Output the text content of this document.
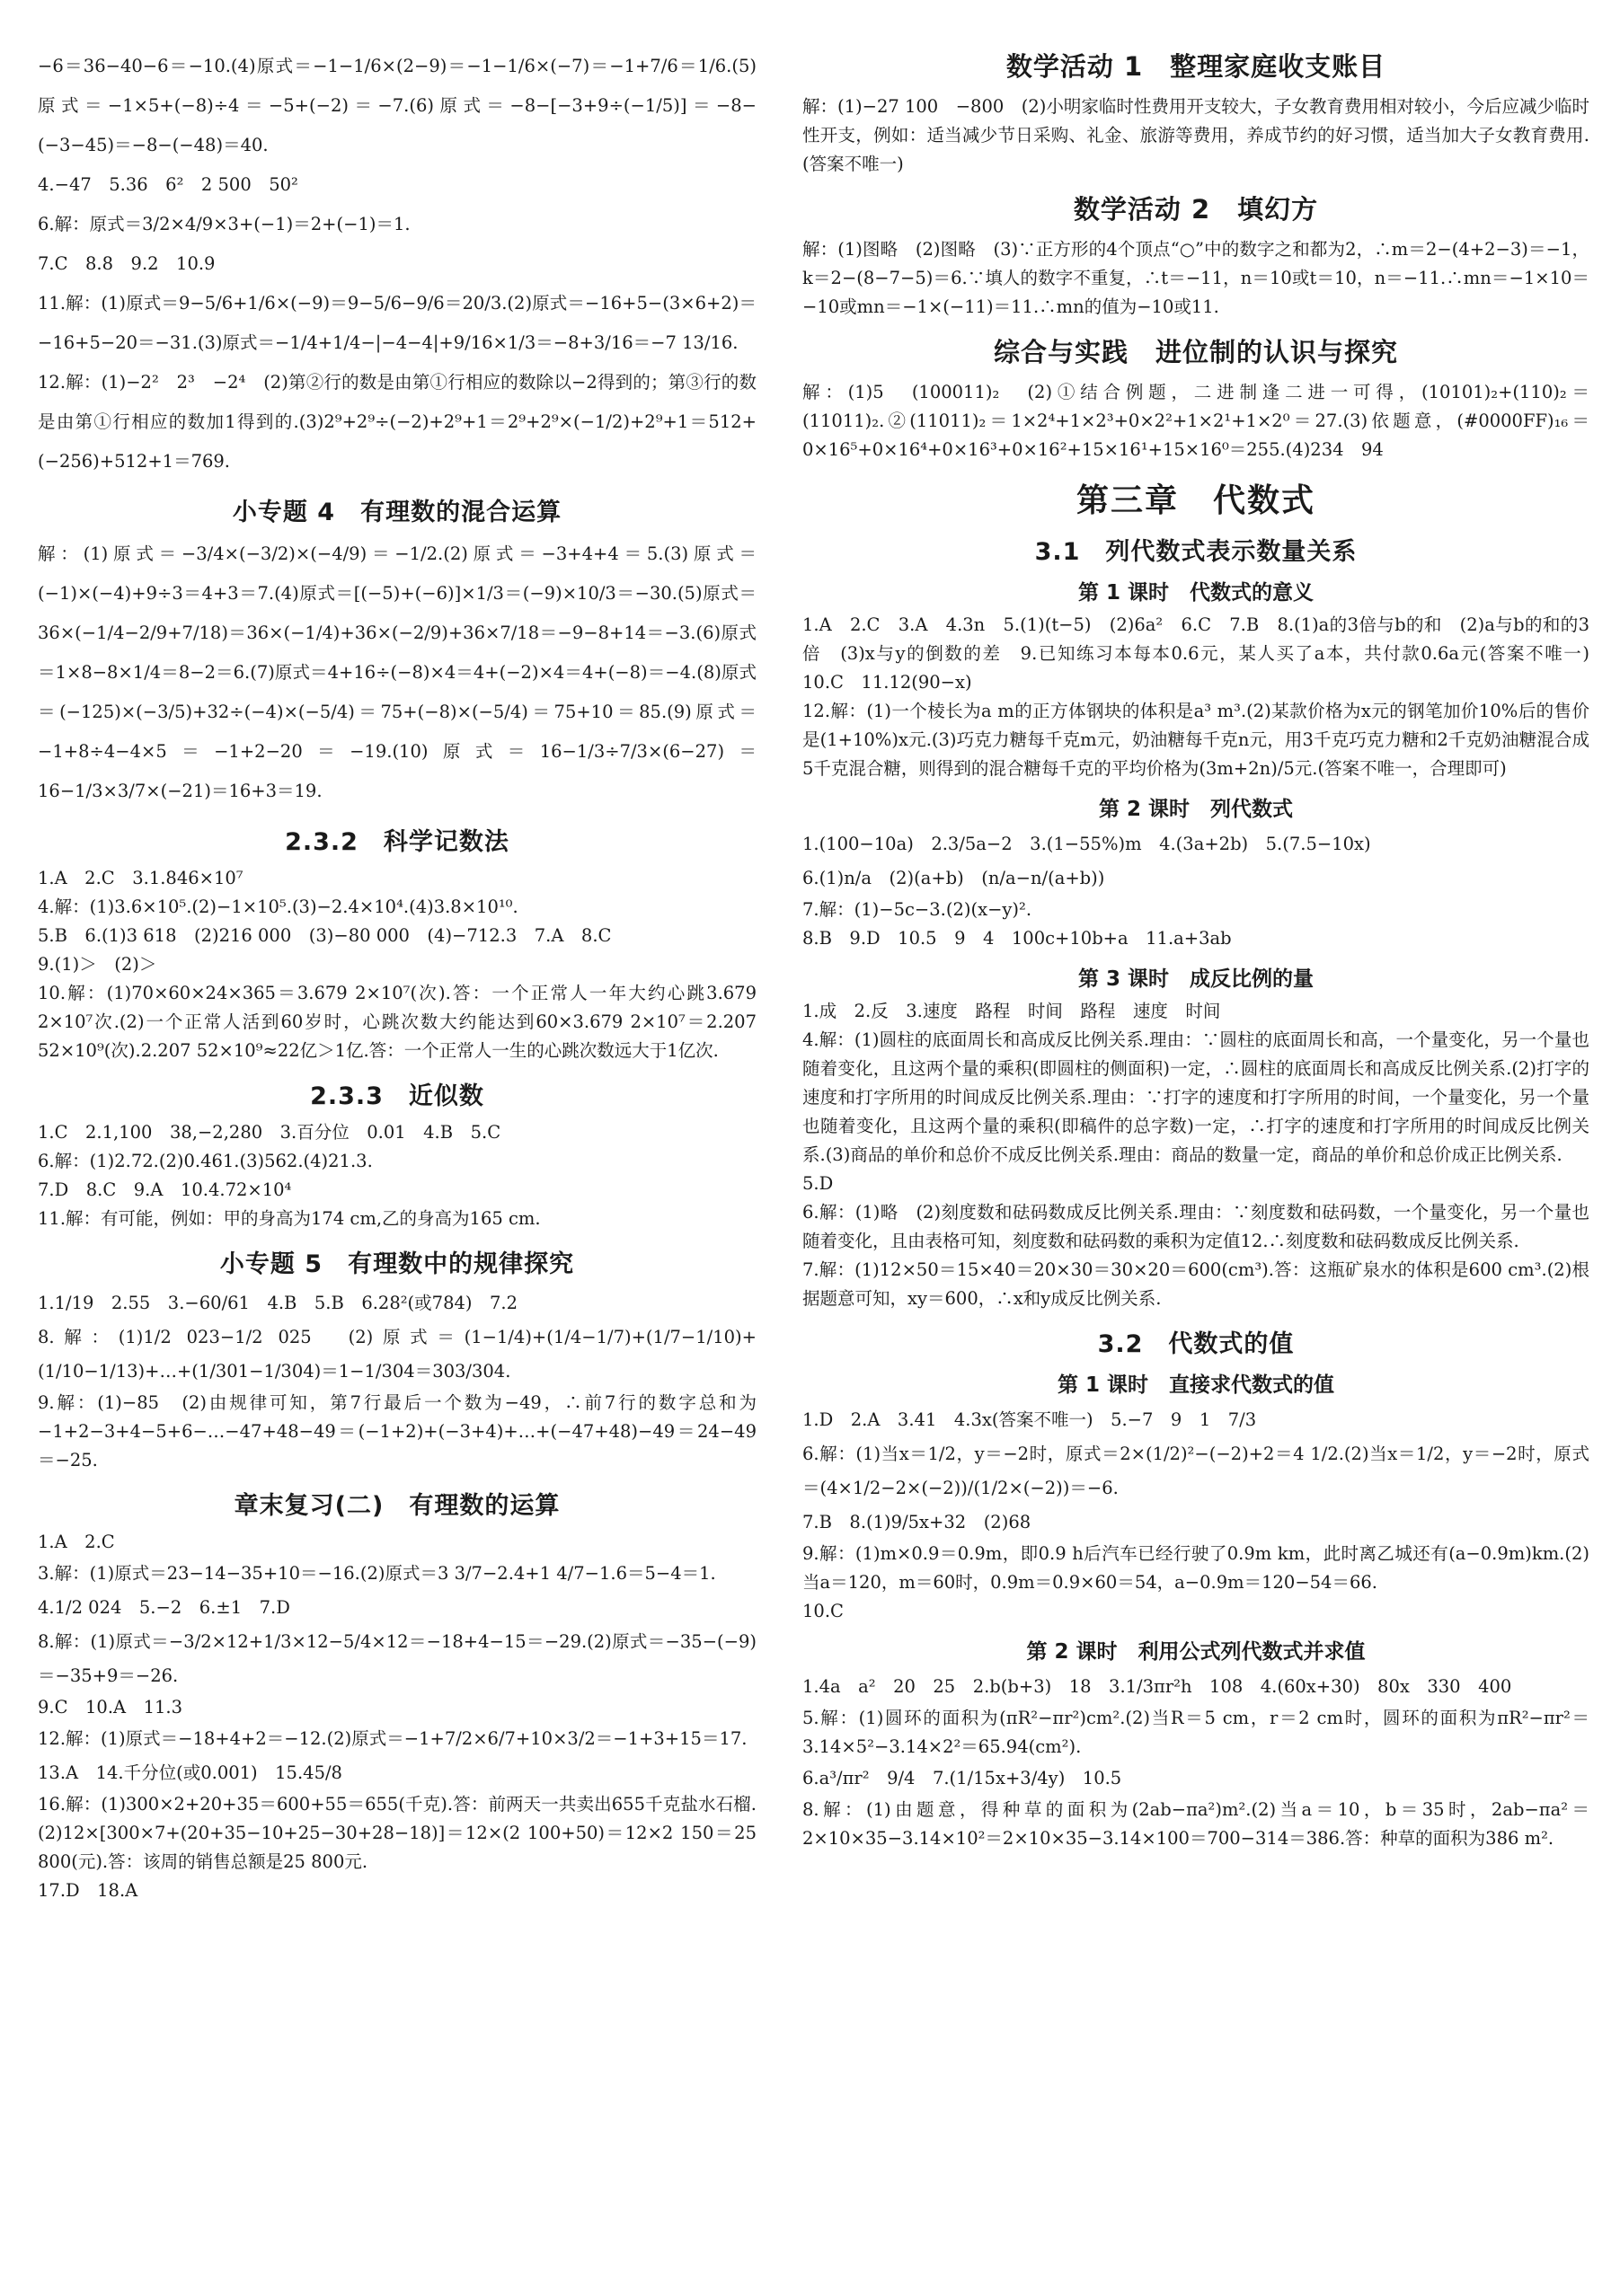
−6＝36−40−6＝−10.(4)原式＝−1−1/6×(2−9)＝−1−1/6×(−7)＝−1+7/6＝1/6.(5)原式＝−1×5+(−8)÷4＝−5+(−2)＝−7.(6)原式＝−8−[−3+9÷(−1/5)]＝−8−(−3−45)＝−8−(−48)＝40.

4.−47　5.36　6²　2 500　50²

6.解：原式＝3/2×4/9×3+(−1)＝2+(−1)＝1.

7.C　8.8　9.2　10.9

11.解：(1)原式＝9−5/6+1/6×(−9)＝9−5/6−9/6＝20/3.(2)原式＝−16+5−(3×6+2)＝−16+5−20＝−31.(3)原式＝−1/4+1/4−|−4−4|+9/16×1/3＝−8+3/16＝−7 13/16.

12.解：(1)−2²　2³　−2⁴　(2)第②行的数是由第①行相应的数除以−2得到的；第③行的数是由第①行相应的数加1得到的.(3)2⁹+2⁹÷(−2)+2⁹+1＝2⁹+2⁹×(−1/2)+2⁹+1＝512+(−256)+512+1＝769.

小专题 4　有理数的混合运算

解：(1)原式＝−3/4×(−3/2)×(−4/9)＝−1/2.(2)原式＝−3+4+4＝5.(3)原式＝(−1)×(−4)+9÷3＝4+3＝7.(4)原式＝[(−5)+(−6)]×1/3＝(−9)×10/3＝−30.(5)原式＝36×(−1/4−2/9+7/18)＝36×(−1/4)+36×(−2/9)+36×7/18＝−9−8+14＝−3.(6)原式＝1×8−8×1/4＝8−2＝6.(7)原式＝4+16÷(−8)×4＝4+(−2)×4＝4+(−8)＝−4.(8)原式＝(−125)×(−3/5)+32÷(−4)×(−5/4)＝75+(−8)×(−5/4)＝75+10＝85.(9)原式＝−1+8÷4−4×5＝−1+2−20＝−19.(10)原式＝16−1/3÷7/3×(6−27)＝16−1/3×3/7×(−21)＝16+3＝19.

2.3.2　科学记数法

1.A　2.C　3.1.846×10⁷

4.解：(1)3.6×10⁵.(2)−1×10⁵.(3)−2.4×10⁴.(4)3.8×10¹⁰.

5.B　6.(1)3 618　(2)216 000　(3)−80 000　(4)−712.3　7.A　8.C

9.(1)＞　(2)＞

10.解：(1)70×60×24×365＝3.679 2×10⁷(次).答：一个正常人一年大约心跳3.679 2×10⁷次.(2)一个正常人活到60岁时，心跳次数大约能达到60×3.679 2×10⁷＝2.207 52×10⁹(次).2.207 52×10⁹≈22亿＞1亿.答：一个正常人一生的心跳次数远大于1亿次.

2.3.3　近似数

1.C　2.1,100　38,−2,280　3.百分位　0.01　4.B　5.C

6.解：(1)2.72.(2)0.461.(3)562.(4)21.3.

7.D　8.C　9.A　10.4.72×10⁴

11.解：有可能，例如：甲的身高为174 cm,乙的身高为165 cm.

小专题 5　有理数中的规律探究

1.1/19　2.55　3.−60/61　4.B　5.B　6.28²(或784)　7.2

8.解：(1)1/2 023−1/2 025　(2)原式＝(1−1/4)+(1/4−1/7)+(1/7−1/10)+(1/10−1/13)+…+(1/301−1/304)＝1−1/304＝303/304.

9.解：(1)−85　(2)由规律可知，第7行最后一个数为−49，∴前7行的数字总和为−1+2−3+4−5+6−…−47+48−49＝(−1+2)+(−3+4)+…+(−47+48)−49＝24−49＝−25.

章末复习(二)　有理数的运算

1.A　2.C

3.解：(1)原式＝23−14−35+10＝−16.(2)原式＝3 3/7−2.4+1 4/7−1.6＝5−4＝1.

4.1/2 024　5.−2　6.±1　7.D

8.解：(1)原式＝−3/2×12+1/3×12−5/4×12＝−18+4−15＝−29.(2)原式＝−35−(−9)＝−35+9＝−26.

9.C　10.A　11.3

12.解：(1)原式＝−18+4+2＝−12.(2)原式＝−1+7/2×6/7+10×3/2＝−1+3+15＝17.

13.A　14.千分位(或0.001)　15.45/8

16.解：(1)300×2+20+35＝600+55＝655(千克).答：前两天一共卖出655千克盐水石榴.(2)12×[300×7+(20+35−10+25−30+28−18)]＝12×(2 100+50)＝12×2 150＝25 800(元).答：该周的销售总额是25 800元.

17.D　18.A

数学活动 1　整理家庭收支账目

解：(1)−27 100　−800　(2)小明家临时性费用开支较大，子女教育费用相对较小，今后应减少临时性开支，例如：适当减少节日采购、礼金、旅游等费用，养成节约的好习惯，适当加大子女教育费用.(答案不唯一)

数学活动 2　填幻方

解：(1)图略　(2)图略　(3)∵正方形的4个顶点“○”中的数字之和都为2，∴m＝2−(4+2−3)＝−1，k＝2−(8−7−5)＝6.∵填人的数字不重复，∴t＝−11，n＝10或t＝10，n＝−11.∴mn＝−1×10＝−10或mn＝−1×(−11)＝11.∴mn的值为−10或11.

综合与实践　进位制的认识与探究

解：(1)5　(100011)₂　(2)①结合例题，二进制逢二进一可得，(10101)₂+(110)₂＝(11011)₂.②(11011)₂＝1×2⁴+1×2³+0×2²+1×2¹+1×2⁰＝27.(3)依题意，(#0000FF)₁₆＝0×16⁵+0×16⁴+0×16³+0×16²+15×16¹+15×16⁰＝255.(4)234　94

第三章　代数式
3.1　列代数式表示数量关系
第 1 课时　代数式的意义

1.A　2.C　3.A　4.3n　5.(1)(t−5)　(2)6a²　6.C　7.B　8.(1)a的3倍与b的和　(2)a与b的和的3倍　(3)x与y的倒数的差　9.已知练习本每本0.6元，某人买了a本，共付款0.6a元(答案不唯一)　10.C　11.12(90−x)

12.解：(1)一个棱长为a m的正方体钢块的体积是a³ m³.(2)某款价格为x元的钢笔加价10%后的售价是(1+10%)x元.(3)巧克力糖每千克m元，奶油糖每千克n元，用3千克巧克力糖和2千克奶油糖混合成5千克混合糖，则得到的混合糖每千克的平均价格为(3m+2n)/5元.(答案不唯一，合理即可)

第 2 课时　列代数式

1.(100−10a)　2.3/5a−2　3.(1−55%)m　4.(3a+2b)　5.(7.5−10x)

6.(1)n/a　(2)(a+b)　(n/a−n/(a+b))

7.解：(1)−5c−3.(2)(x−y)².

8.B　9.D　10.5　9　4　100c+10b+a　11.a+3ab

第 3 课时　成反比例的量

1.成　2.反　3.速度　路程　时间　路程　速度　时间

4.解：(1)圆柱的底面周长和高成反比例关系.理由：∵圆柱的底面周长和高，一个量变化，另一个量也随着变化，且这两个量的乘积(即圆柱的侧面积)一定，∴圆柱的底面周长和高成反比例关系.(2)打字的速度和打字所用的时间成反比例关系.理由：∵打字的速度和打字所用的时间，一个量变化，另一个量也随着变化，且这两个量的乘积(即稿件的总字数)一定，∴打字的速度和打字所用的时间成反比例关系.(3)商品的单价和总价不成反比例关系.理由：商品的数量一定，商品的单价和总价成正比例关系.

5.D

6.解：(1)略　(2)刻度数和砝码数成反比例关系.理由：∵刻度数和砝码数，一个量变化，另一个量也随着变化，且由表格可知，刻度数和砝码数的乘积为定值12.∴刻度数和砝码数成反比例关系.

7.解：(1)12×50＝15×40＝20×30＝30×20＝600(cm³).答：这瓶矿泉水的体积是600 cm³.(2)根据题意可知，xy＝600，∴x和y成反比例关系.

3.2　代数式的值
第 1 课时　直接求代数式的值

1.D　2.A　3.41　4.3x(答案不唯一)　5.−7　9　1　7/3

6.解：(1)当x＝1/2，y＝−2时，原式＝2×(1/2)²−(−2)+2＝4 1/2.(2)当x＝1/2，y＝−2时，原式＝(4×1/2−2×(−2))/(1/2×(−2))＝−6.

7.B　8.(1)9/5x+32　(2)68

9.解：(1)m×0.9＝0.9m，即0.9 h后汽车已经行驶了0.9m km，此时离乙城还有(a−0.9m)km.(2)当a＝120，m＝60时，0.9m＝0.9×60＝54，a−0.9m＝120−54＝66.

10.C

第 2 课时　利用公式列代数式并求值

1.4a　a²　20　25　2.b(b+3)　18　3.1/3πr²h　108　4.(60x+30)　80x　330　400

5.解：(1)圆环的面积为(πR²−πr²)cm².(2)当R＝5 cm，r＝2 cm时，圆环的面积为πR²−πr²＝3.14×5²−3.14×2²＝65.94(cm²).

6.a³/πr²　9/4　7.(1/15x+3/4y)　10.5

8.解：(1)由题意，得种草的面积为(2ab−πa²)m².(2)当a＝10，b＝35时，2ab−πa²＝2×10×35−3.14×10²＝2×10×35−3.14×100＝700−314＝386.答：种草的面积为386 m².
